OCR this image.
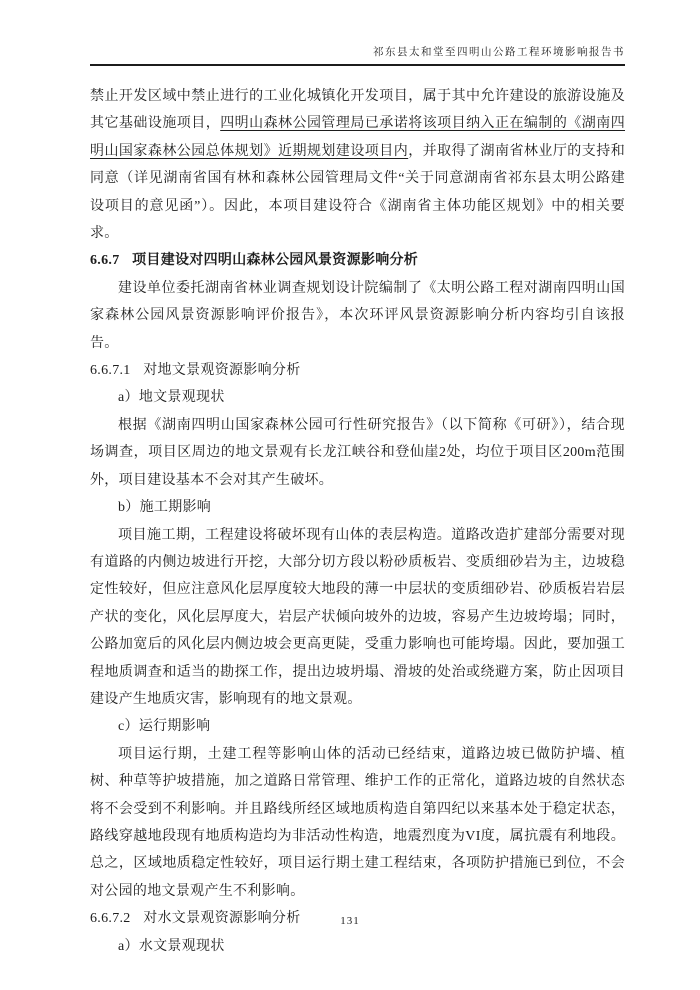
祁东县太和堂至四明山公路工程环境影响报告书

禁止开发区域中禁止进行的工业化城镇化开发项目，属于其中允许建设的旅游设施及其它基础设施项目，四明山森林公园管理局已承诺将该项目纳入正在编制的《湖南四明山国家森林公园总体规划》近期规划建设项目内，并取得了湖南省林业厅的支持和同意（详见湖南省国有林和森林公园管理局文件“关于同意湖南省祁东县太明公路建设项目的意见函”）。因此，本项目建设符合《湖南省主体功能区规划》中的相关要求。

6.6.7 项目建设对四明山森林公园风景资源影响分析

建设单位委托湖南省林业调查规划设计院编制了《太明公路工程对湖南四明山国家森林公园风景资源影响评价报告》，本次环评风景资源影响分析内容均引自该报告。

6.6.7.1 对地文景观资源影响分析

a）地文景观现状

根据《湖南四明山国家森林公园可行性研究报告》（以下简称《可研》），结合现场调查，项目区周边的地文景观有长龙江峡谷和登仙崖2处，均位于项目区200m范围外，项目建设基本不会对其产生破坏。

b）施工期影响

项目施工期，工程建设将破坏现有山体的表层构造。道路改造扩建部分需要对现有道路的内侧边坡进行开挖，大部分切方段以粉砂质板岩、变质细砂岩为主，边坡稳定性较好，但应注意风化层厚度较大地段的薄一中层状的变质细砂岩、砂质板岩岩层产状的变化，风化层厚度大，岩层产状倾向坡外的边坡，容易产生边坡垮塌；同时，公路加宽后的风化层内侧边坡会更高更陡，受重力影响也可能垮塌。因此，要加强工程地质调查和适当的勘探工作，提出边坡坍塌、滑坡的处治或绕避方案，防止因项目建设产生地质灾害，影响现有的地文景观。

c）运行期影响

项目运行期，土建工程等影响山体的活动已经结束，道路边坡已做防护墙、植树、种草等护坡措施，加之道路日常管理、维护工作的正常化，道路边坡的自然状态将不会受到不利影响。并且路线所经区域地质构造自第四纪以来基本处于稳定状态，路线穿越地段现有地质构造均为非活动性构造，地震烈度为VI度，属抗震有利地段。总之，区域地质稳定性较好，项目运行期土建工程结束，各项防护措施已到位，不会对公园的地文景观产生不利影响。

6.6.7.2 对水文景观资源影响分析

a）水文景观现状

131
